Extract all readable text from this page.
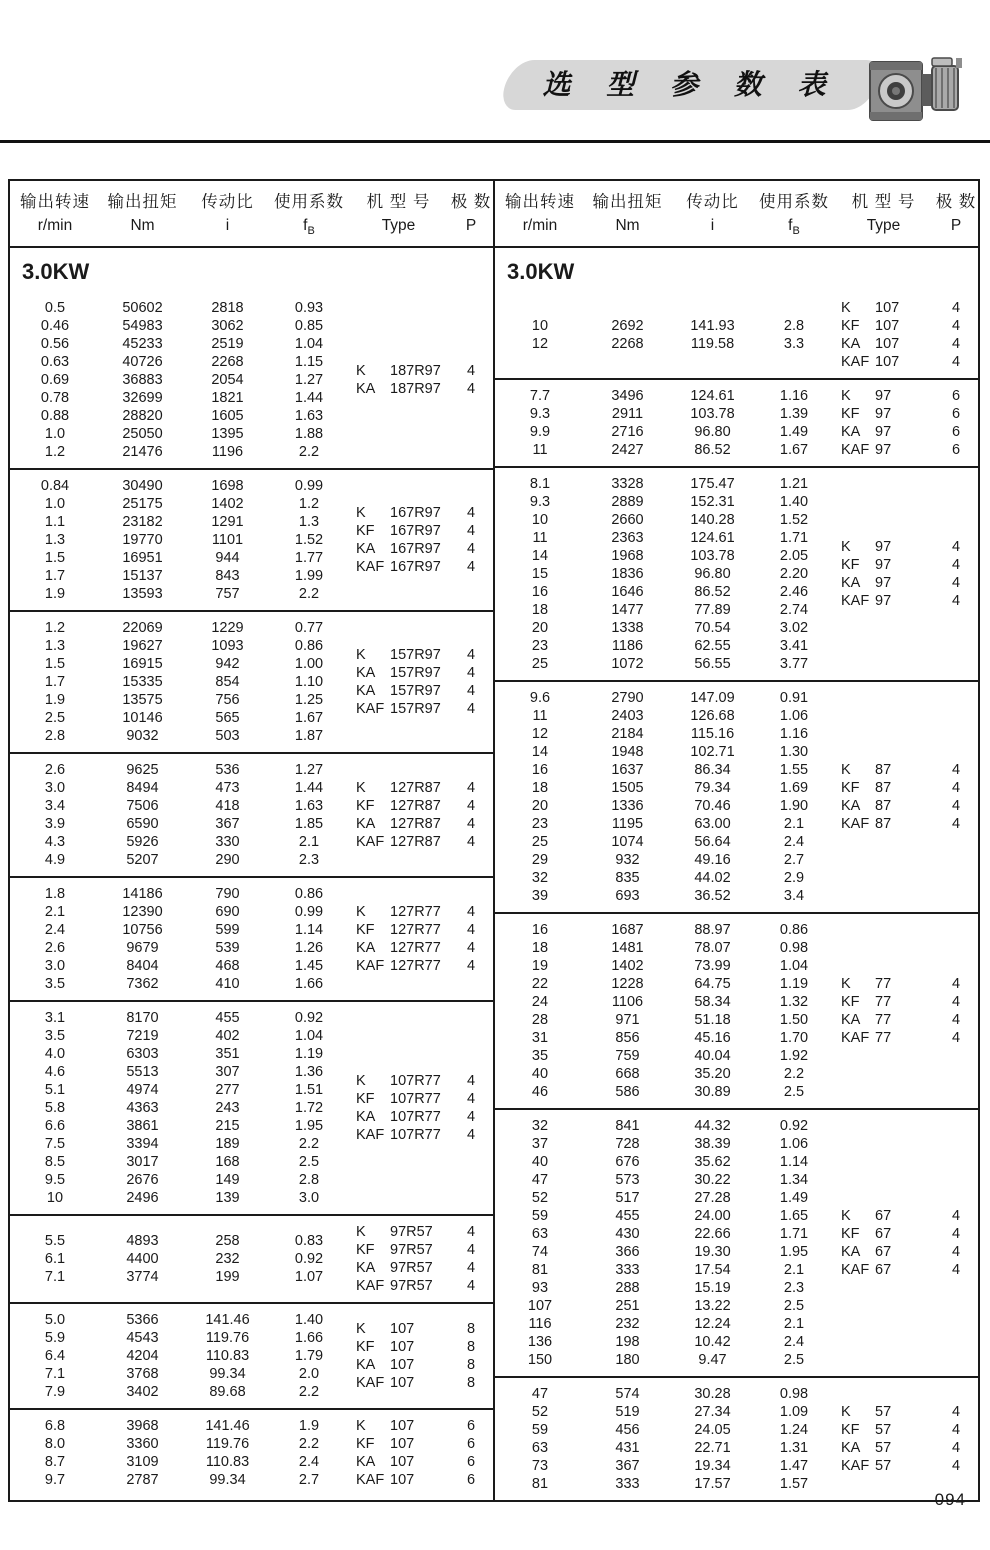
选 型 参 数 表
输出转速
r/min
输出扭矩
Nm
传动比
i
使用系数
$f_B$
机 型 号
Type
极 数
P
3.0KW
0.5	50602	2818	0.93
0.46	54983	3062	0.85
0.56	45233	2519	1.04
0.63	40726	2268	1.15
0.69	36883	2054	1.27
0.78	32699	1821	1.44
0.88	28820	1605	1.63
1.0	25050	1395	1.88
1.2	21476	1196	2.2
K	187R97	4
KA	187R97	4
0.84	30490	1698	0.99
1.0	25175	1402	1.2
1.1	23182	1291	1.3
1.3	19770	1101	1.52
1.5	16951	944	1.77
1.7	15137	843	1.99
1.9	13593	757	2.2
K	167R97	4
KF	167R97	4
KA	167R97	4
KAF 167R97	4
1.2	22069	1229	0.77
1.3	19627	1093	0.86
1.5	16915	942	1.00
1.7	15335	854	1.10
1.9	13575	756	1.25
2.5	10146	565	1.67
2.8	9032	503	1.87
K	157R97	4
KA	157R97	4
KA	157R97	4
KAF 157R97	4
2.6	9625	536	1.27
3.0	8494	473	1.44
3.4	7506	418	1.63
3.9	6590	367	1.85
4.3	5926	330	2.1
4.9	5207	290	2.3
K	127R87	4
KF	127R87	4
KA	127R87	4
KAF 127R87	4
1.8	14186	790	0.86
2.1	12390	690	0.99
2.4	10756	599	1.14
2.6	9679	539	1.26
3.0	8404	468	1.45
3.5	7362	410	1.66
K	127R77	4
KF	127R77	4
KA	127R77	4
KAF 127R77	4
3.1	8170	455	0.92
3.5	7219	402	1.04
4.0	6303	351	1.19
4.6	5513	307	1.36
5.1	4974	277	1.51
5.8	4363	243	1.72
6.6	3861	215	1.95
7.5	3394	189	2.2
8.5	3017	168	2.5
9.5	2676	149	2.8
10	2496	139	3.0
K	107R77	4
KF	107R77	4
KA	107R77	4
KAF 107R77	4
5.5	4893	258	0.83
6.1	4400	232	0.92
7.1	3774	199	1.07
K	97R57	4
KF	97R57	4
KA	97R57	4
KAF 97R57	4
5.0	5366	141.46	1.40
5.9	4543	119.76	1.66
6.4	4204	110.83	1.79
7.1	3768	99.34	2.0
7.9	3402	89.68	2.2
K	107	8
KF	107	8
KA	107	8
KAF 107	8
6.8	3968	141.46	1.9
8.0	3360	119.76	2.2
8.7	3109	110.83	2.4
9.7	2787	99.34	2.7
K	107	6
KF	107	6
KA	107	6
KAF 107	6
输出转速
r/min
输出扭矩
Nm
传动比
i
使用系数
$f_B$
机 型 号
Type
极 数
P
3.0KW
10	2692	141.93	2.8
12	2268	119.58	3.3
K	107	4
KF	107	4
KA	107	4
KAF 107	4
7.7	3496	124.61	1.16
9.3	2911	103.78	1.39
9.9	2716	96.80	1.49
11	2427	86.52	1.67
K	97	6
KF	97	6
KA	97	6
KAF 97	6
8.1	3328	175.47	1.21
9.3	2889	152.31	1.40
10	2660	140.28	1.52
11	2363	124.61	1.71
14	1968	103.78	2.05
15	1836	96.80	2.20
16	1646	86.52	2.46
18	1477	77.89	2.74
20	1338	70.54	3.02
23	1186	62.55	3.41
25	1072	56.55	3.77
K	97	4
KF	97	4
KA	97	4
KAF 97	4
9.6	2790	147.09	0.91
11	2403	126.68	1.06
12	2184	115.16	1.16
14	1948	102.71	1.30
16	1637	86.34	1.55
18	1505	79.34	1.69
20	1336	70.46	1.90
23	1195	63.00	2.1
25	1074	56.64	2.4
29	932	49.16	2.7
32	835	44.02	2.9
39	693	36.52	3.4
K	87	4
KF	87	4
KA	87	4
KAF 87	4
16	1687	88.97	0.86
18	1481	78.07	0.98
19	1402	73.99	1.04
22	1228	64.75	1.19
24	1106	58.34	1.32
28	971	51.18	1.50
31	856	45.16	1.70
35	759	40.04	1.92
40	668	35.20	2.2
46	586	30.89	2.5
K	77	4
KF	77	4
KA	77	4
KAF 77	4
32	841	44.32	0.92
37	728	38.39	1.06
40	676	35.62	1.14
47	573	30.22	1.34
52	517	27.28	1.49
59	455	24.00	1.65
63	430	22.66	1.71
74	366	19.30	1.95
81	333	17.54	2.1
93	288	15.19	2.3
107	251	13.22	2.5
116	232	12.24	2.1
136	198	10.42	2.4
150	180	9.47	2.5
K	67	4
KF	67	4
KA	67	4
KAF 67	4
47	574	30.28	0.98
52	519	27.34	1.09
59	456	24.05	1.24
63	431	22.71	1.31
73	367	19.34	1.47
81	333	17.57	1.57
K	57	4
KF	57	4
KA	57	4
KAF 57	4
094
